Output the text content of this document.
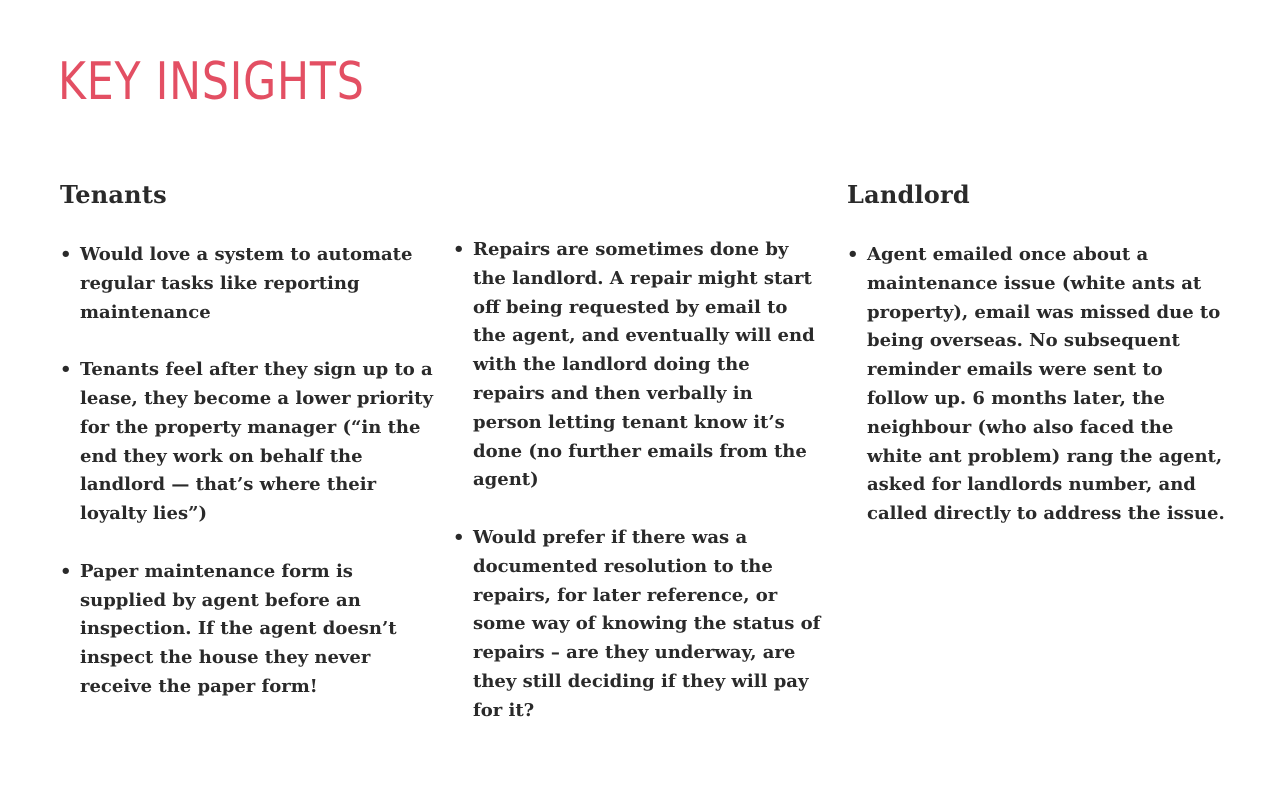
KEY INSIGHTS
Tenants	Landlord
• Would love a system to automate regular tasks like reporting maintenance
• Tenants feel after they sign up to a lease, they become a lower priority for the property manager (“in the end they work on behalf the landlord — that’s where their loyalty lies”)
• Paper maintenance form is supplied by agent before an inspection. If the agent doesn’t inspect the house they never receive the paper form!
• Repairs are sometimes done by the landlord. A repair might start off being requested by email to the agent, and eventually will end with the landlord doing the repairs and then verbally in person letting tenant know it’s done (no further emails from the agent)
• Would prefer if there was a documented resolution to the repairs, for later reference, or some way of knowing the status of repairs – are they underway, are they still deciding if they will pay for it?
• Agent emailed once about a maintenance issue (white ants at property), email was missed due to being overseas. No subsequent reminder emails were sent to follow up. 6 months later, the neighbour (who also faced the white ant problem) rang the agent, asked for landlords number, and called directly to address the issue.
